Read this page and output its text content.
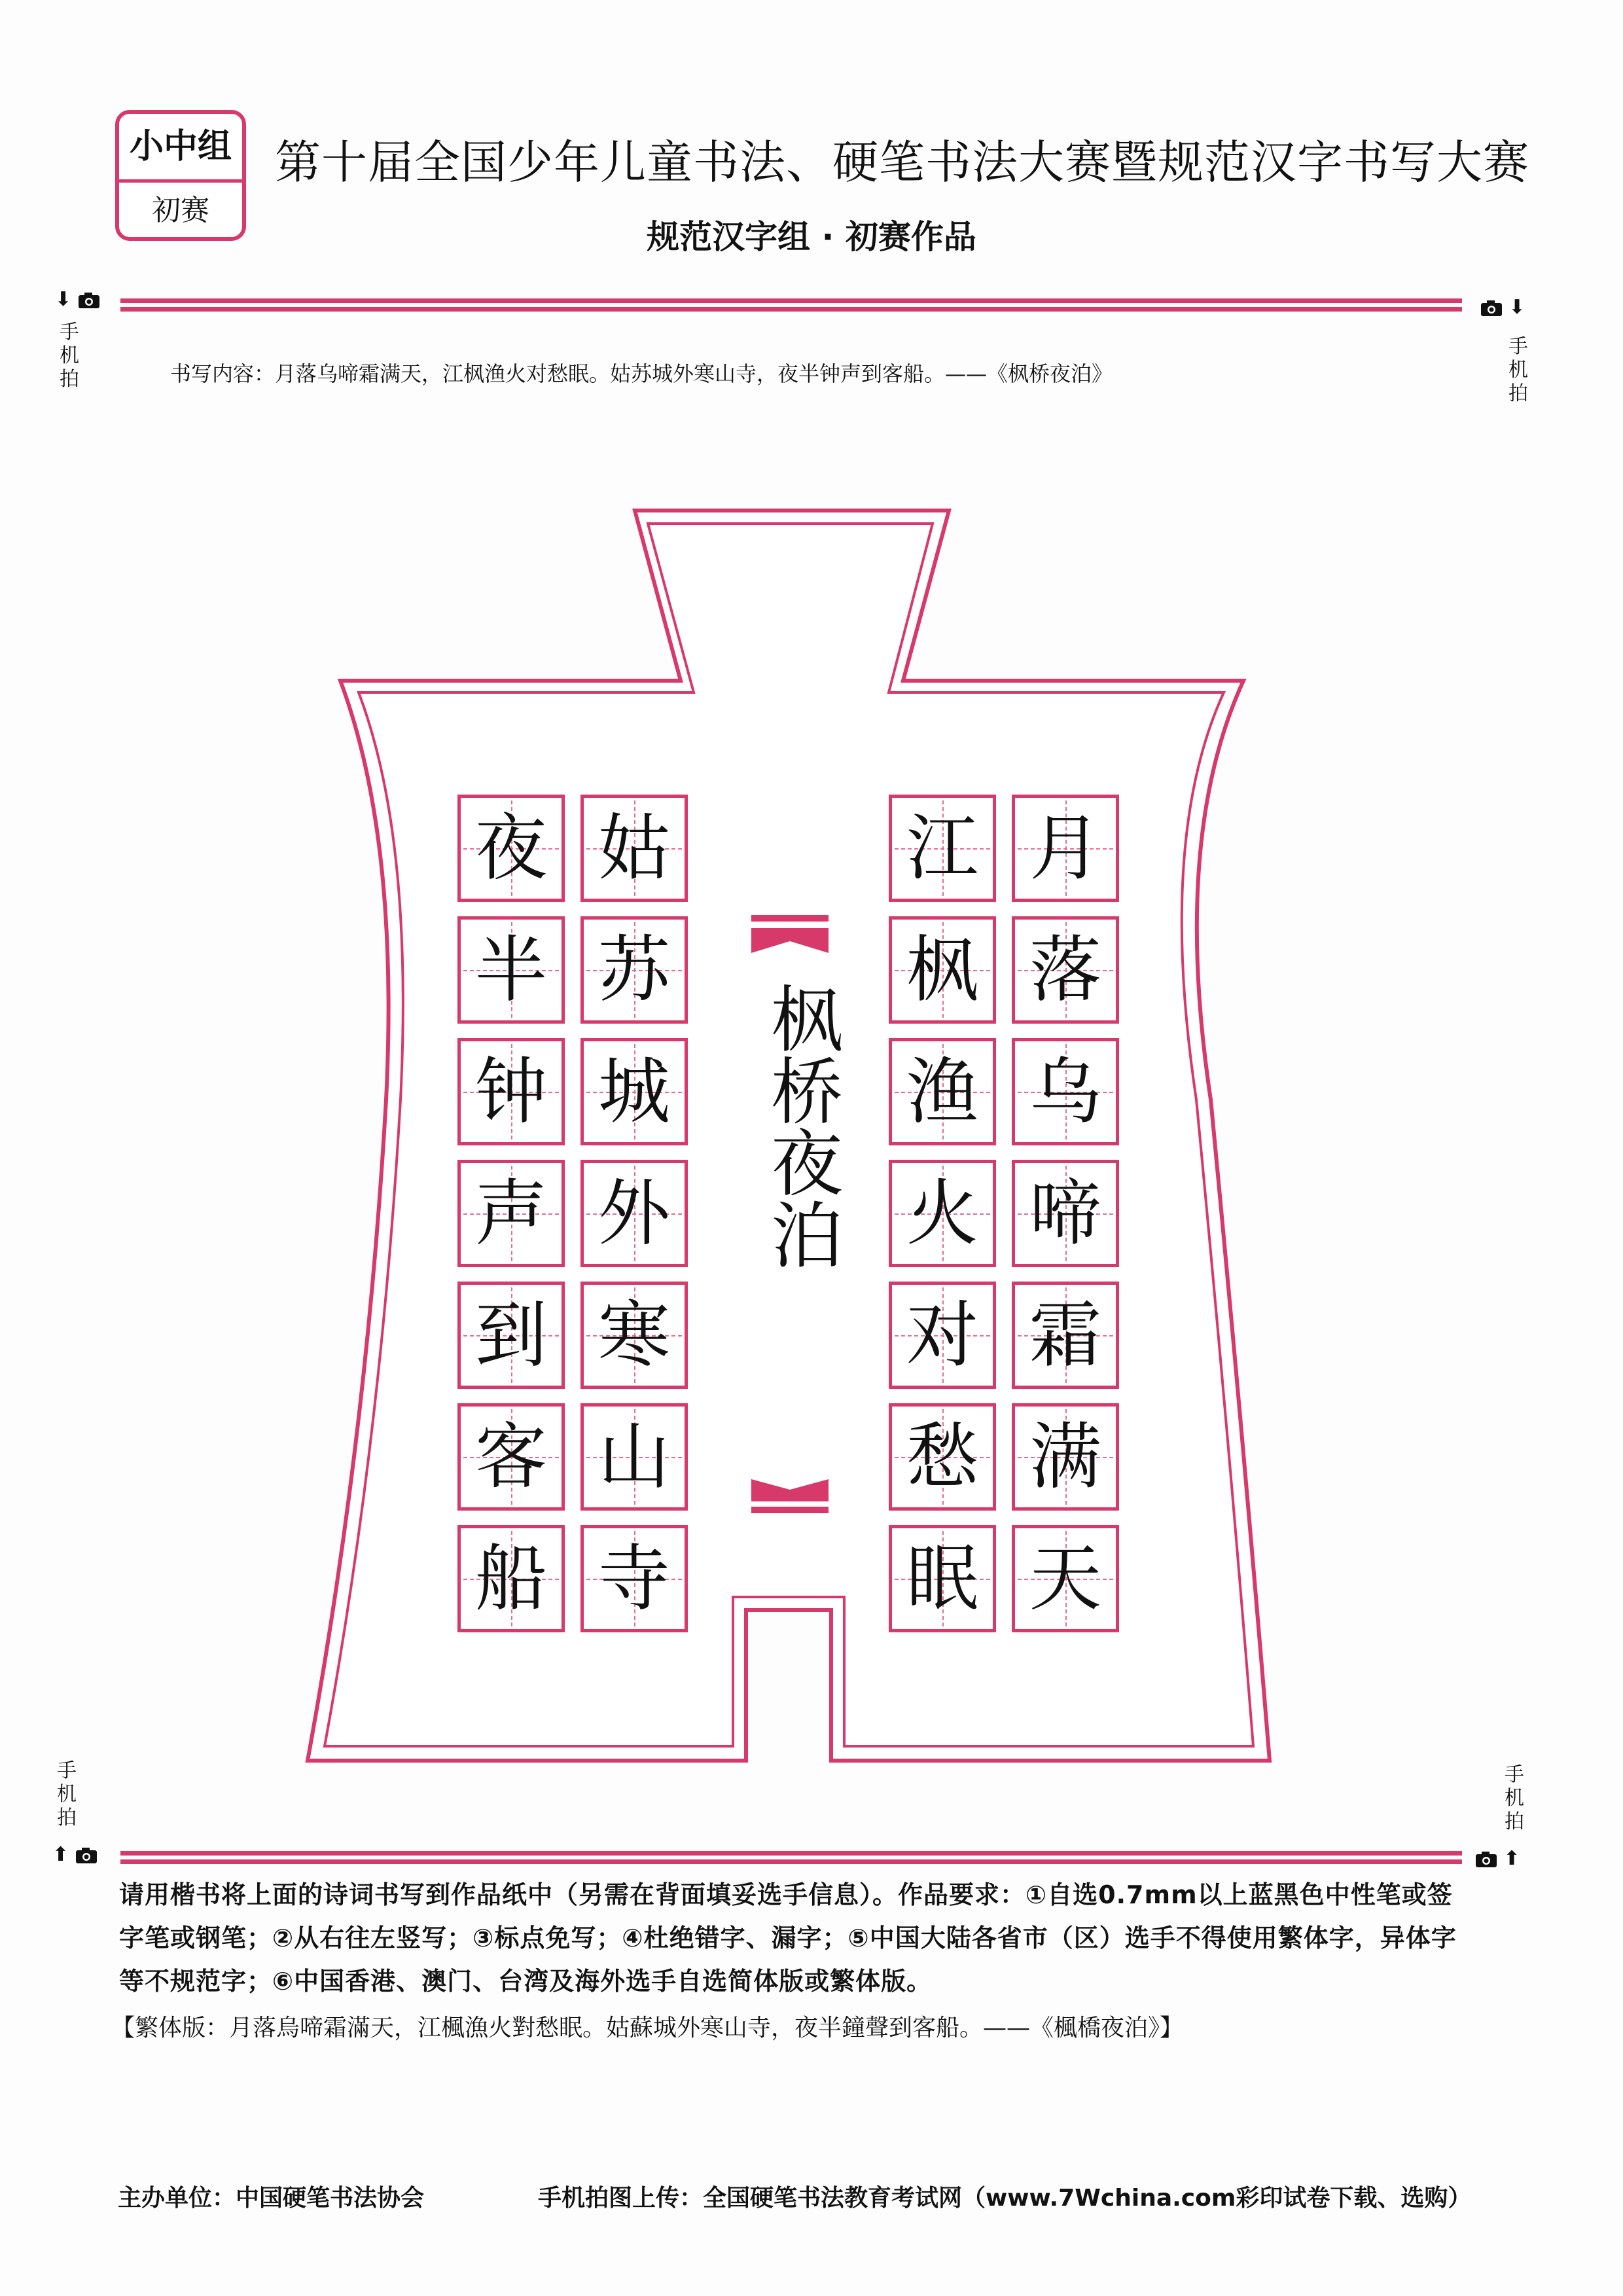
小中组
初赛
第十届全国少年儿童书法、硬笔书法大赛暨规范汉字书写大赛
规范汉字组 · 初赛作品
⬇
手
机
拍
⬇
手
机
拍
书写内容：月落乌啼霜满天，江枫渔火对愁眠。姑苏城外寒山寺，夜半钟声到客船。——《枫桥夜泊》
月
落
乌
啼
霜
满
天
江
枫
渔
火
对
愁
眠
姑
苏
城
外
寒
山
寺
夜
半
钟
声
到
客
船
枫桥夜泊
手
机
拍
⬆
手
机
拍
⬆
请用楷书将上面的诗词书写到作品纸中（另需在背面填妥选手信息）。作品要求：①自选0.7mm以上蓝黑色中性笔或签字笔或钢笔；②从右往左竖写；③标点免写；④杜绝错字、漏字；⑤中国大陆各省市（区）选手不得使用繁体字，异体字等不规范字；⑥中国香港、澳门、台湾及海外选手自选简体版或繁体版。
【繁体版：月落烏啼霜滿天，江楓漁火對愁眠。姑蘇城外寒山寺，夜半鐘聲到客船。——《楓橋夜泊》】
主办单位：中国硬笔书法协会	手机拍图上传：全国硬笔书法教育考试网（www.7Wchina.com彩印试卷下载、选购）
